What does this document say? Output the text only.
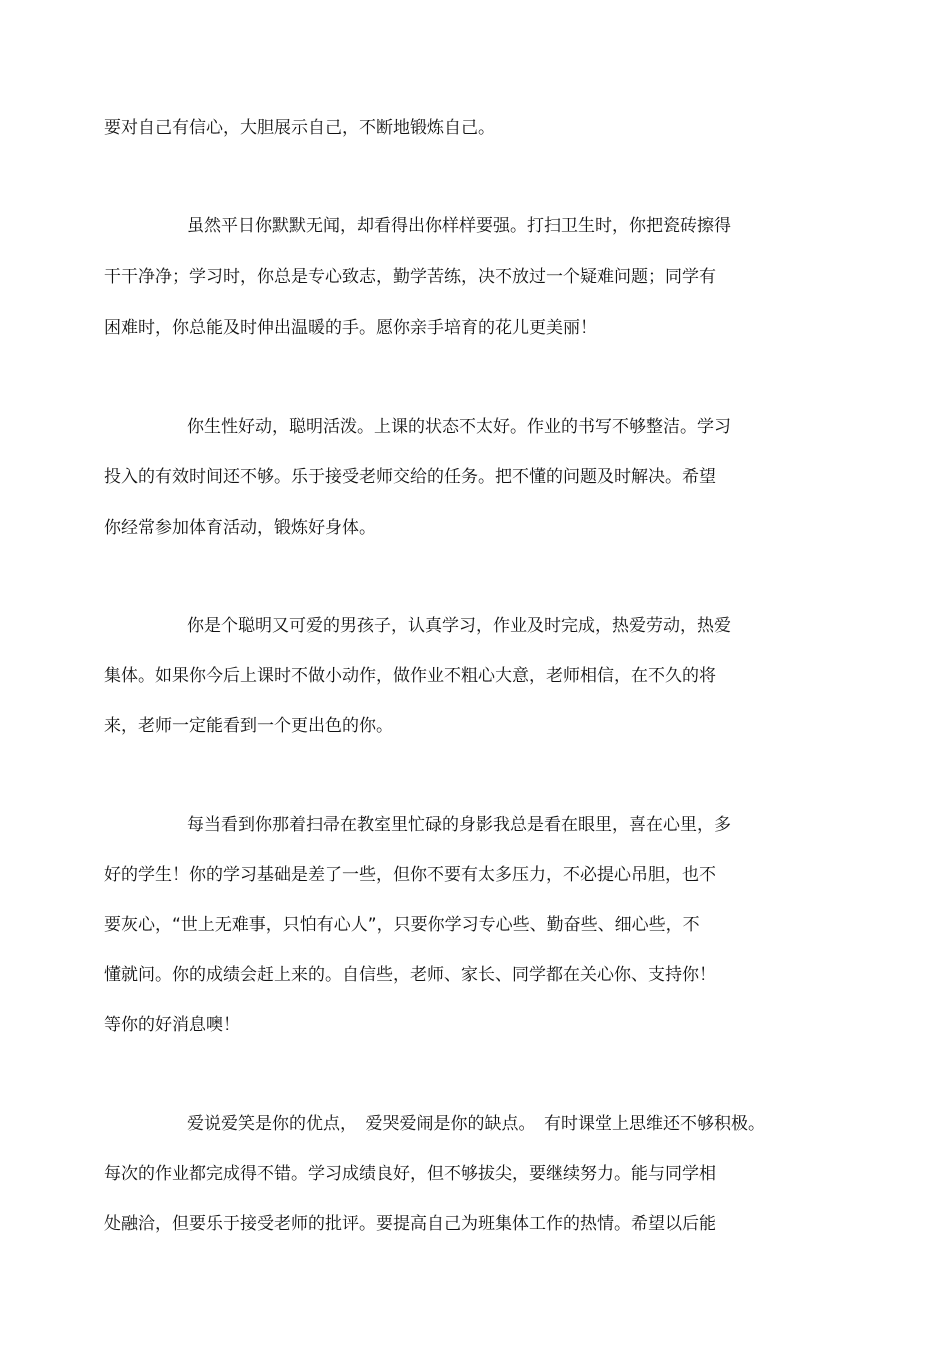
要对自己有信心，大胆展示自己，不断地锻炼自己。
虽然平日你默默无闻，却看得出你样样要强。打扫卫生时，你把瓷砖擦得
干干净净；学习时，你总是专心致志，勤学苦练，决不放过一个疑难问题；同学有
困难时，你总能及时伸出温暖的手。愿你亲手培育的花儿更美丽！
你生性好动，聪明活泼。上课的状态不太好。作业的书写不够整洁。学习
投入的有效时间还不够。乐于接受老师交给的任务。把不懂的问题及时解决。希望
你经常参加体育活动，锻炼好身体。
你是个聪明又可爱的男孩子，认真学习，作业及时完成，热爱劳动，热爱
集体。如果你今后上课时不做小动作，做作业不粗心大意，老师相信，在不久的将
来，老师一定能看到一个更出色的你。
每当看到你那着扫帚在教室里忙碌的身影我总是看在眼里，喜在心里，多
好的学生！你的学习基础是差了一些，但你不要有太多压力，不必提心吊胆，也不
要灰心，“世上无难事，只怕有心人”，只要你学习专心些、勤奋些、细心些，不
懂就问。你的成绩会赶上来的。自信些，老师、家长、同学都在关心你、支持你！
等你的好消息噢！
爱说爱笑是你的优点，　爱哭爱闹是你的缺点。　有时课堂上思维还不够积极。
每次的作业都完成得不错。学习成绩良好，但不够拔尖，要继续努力。能与同学相
处融洽，但要乐于接受老师的批评。要提高自己为班集体工作的热情。希望以后能
